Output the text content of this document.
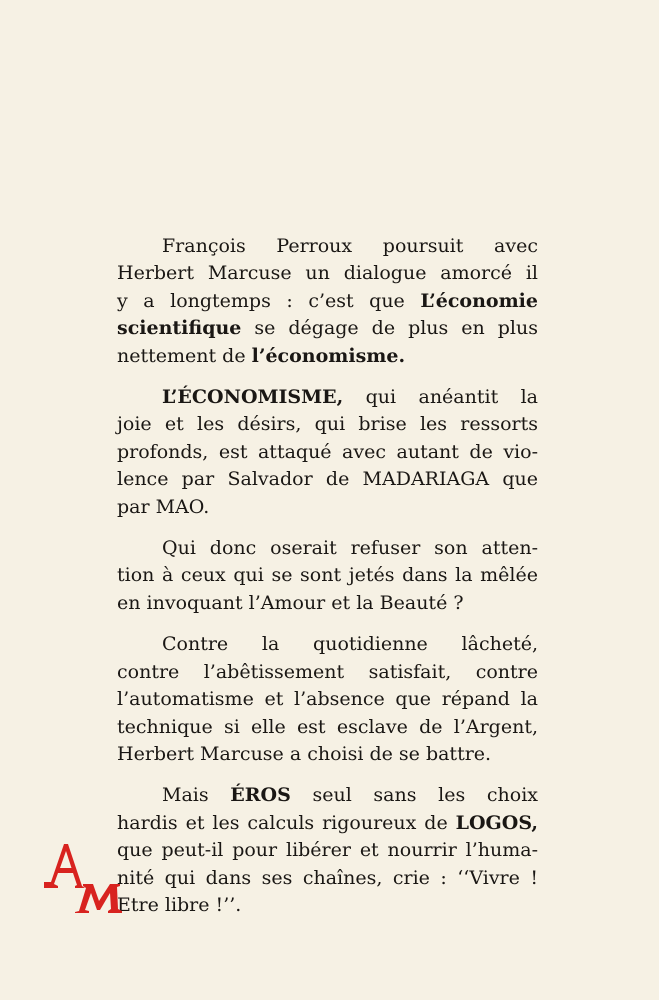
François Perroux poursuit avec
Herbert Marcuse un dialogue amorcé il
y a longtemps : c’est que L’économie
scientifique se dégage de plus en plus
nettement de l’économisme.
L’ÉCONOMISME, qui anéantit la
joie et les désirs, qui brise les ressorts
profonds, est attaqué avec autant de vio-
lence par Salvador de MADARIAGA que
par MAO.
Qui donc oserait refuser son atten-
tion à ceux qui se sont jetés dans la mêlée
en invoquant l’Amour et la Beauté ?
Contre la quotidienne lâcheté,
contre l’abêtissement satisfait, contre
l’automatisme et l’absence que répand la
technique si elle est esclave de l’Argent,
Herbert Marcuse a choisi de se battre.
Mais ÉROS seul sans les choix
hardis et les calculs rigoureux de LOGOS,
que peut-il pour libérer et nourrir l’huma-
nité qui dans ses chaînes, crie : ‘‘Vivre !
Etre libre !’’.
